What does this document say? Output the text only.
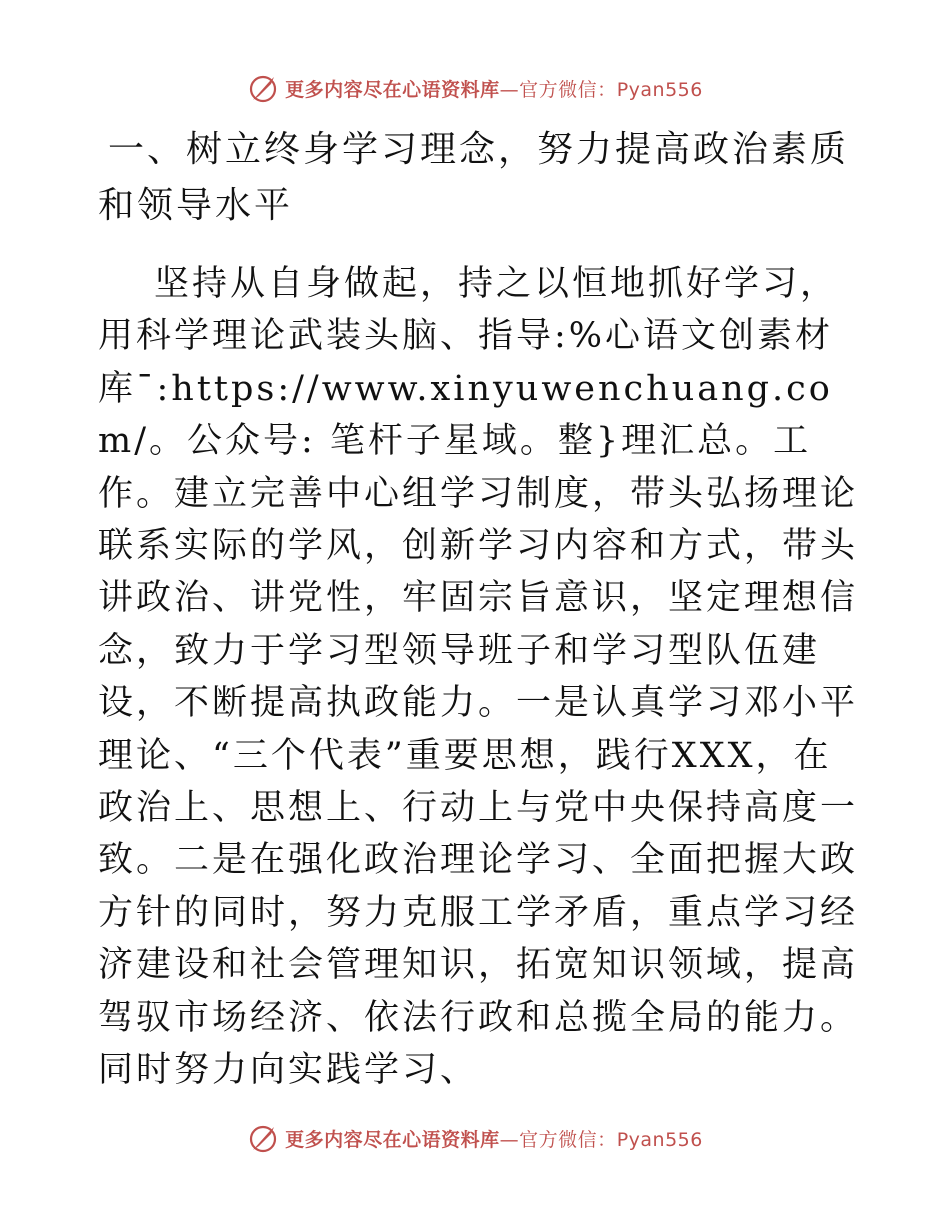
更多内容尽在心语资料库—官方微信：Pyan556
一、树立终身学习理念，努力提高政治素质和领导水平

坚持从自身做起，持之以恒地抓好学习，用科学理论武装头脑、指导:%心语文创素材库¯:https://www.xinyuwenchuang.com/。公众号: 笔杆子星域。整}理汇总。工作。建立完善中心组学习制度，带头弘扬理论联系实际的学风，创新学习内容和方式，带头讲政治、讲党性，牢固宗旨意识，坚定理想信念，致力于学习型领导班子和学习型队伍建设，不断提高执政能力。一是认真学习邓小平理论、“三个代表”重要思想，践行XXX，在政治上、思想上、行动上与党中央保持高度一致。二是在强化政治理论学习、全面把握大政方针的同时，努力克服工学矛盾，重点学习经济建设和社会管理知识，拓宽知识领域，提高驾驭市场经济、依法行政和总揽全局的能力。同时努力向实践学习、

更多内容尽在心语资料库—官方微信：Pyan556
